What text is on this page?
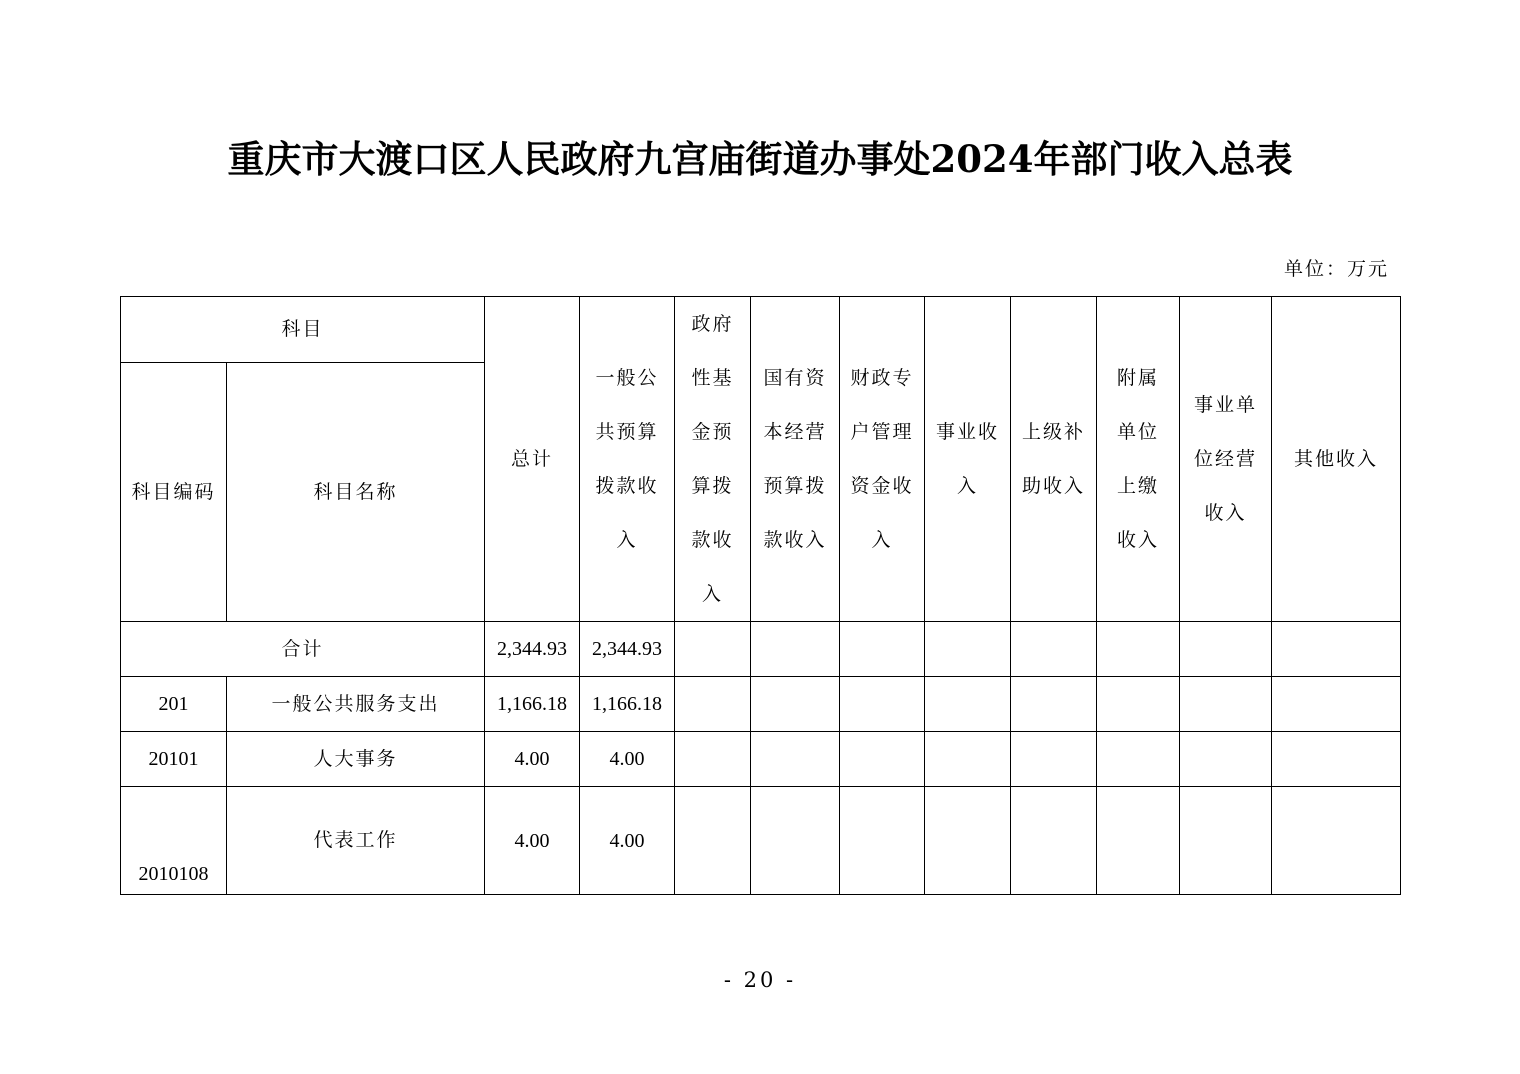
重庆市大渡口区人民政府九宫庙街道办事处2024年部门收入总表
单位：万元
科目		总计	一般公共预算拨款收入	政府性基金预算拨款收入	国有资本经营预算拨款收入	财政专户管理资金收入	事业收入	上级补助收入	附属单位上缴收入	事业单位经营收入	其他收入
科目编码	科目名称										
合计		2,344.93	2,344.93								
201	一般公共服务支出	1,166.18	1,166.18								
20101	人大事务	4.00	4.00								
2010108	代表工作	4.00	4.00								
- 20 -
